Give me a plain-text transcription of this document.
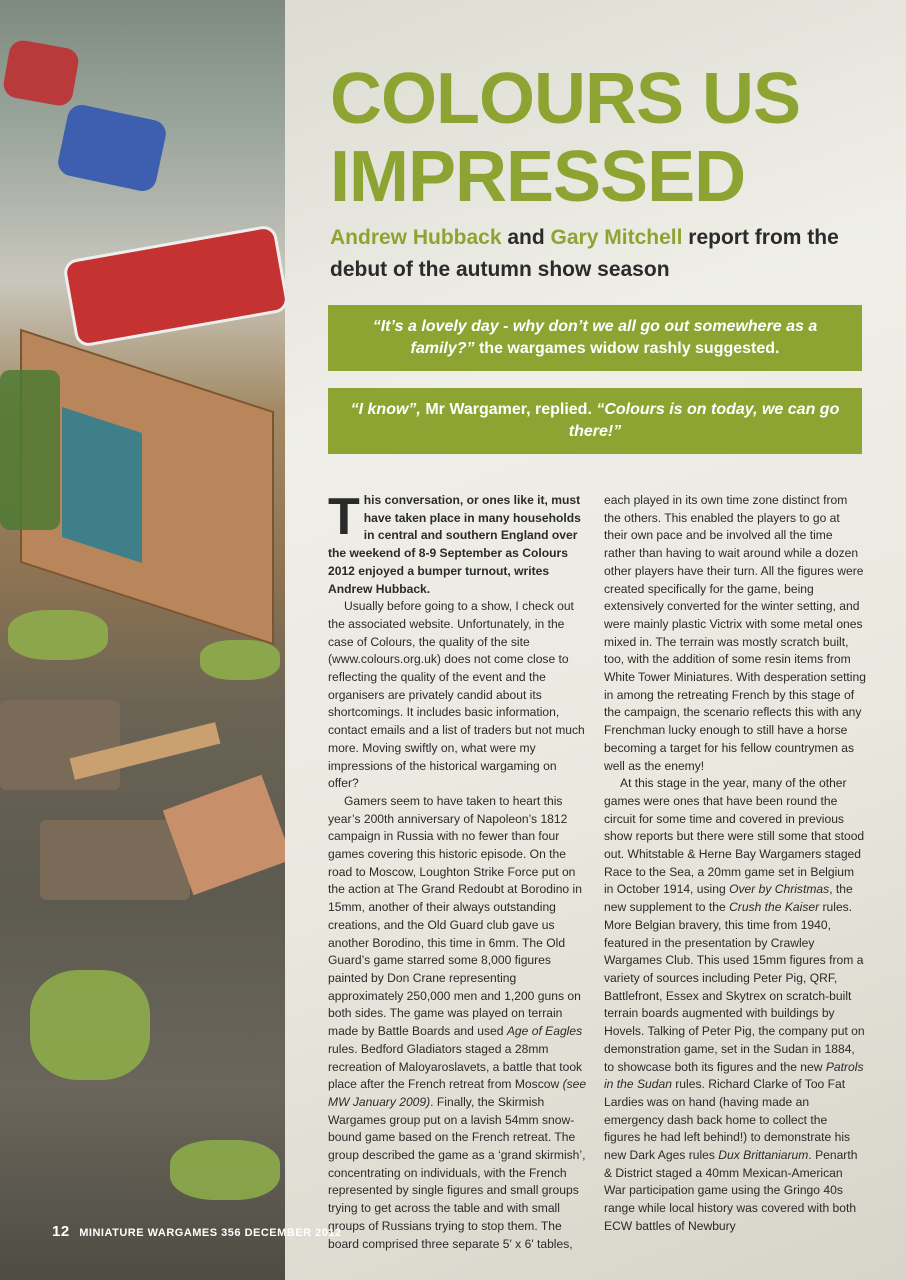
COLOURS US
IMPRESSED

Andrew Hubback and Gary Mitchell report from the debut of the autumn show season

“It’s a lovely day - why don’t we all go out somewhere as a family?” the wargames widow rashly suggested.
“I know”, Mr Wargamer, replied. “Colours is on today, we can go there!”

This conversation, or ones like it, must have taken place in many households in central and southern England over the weekend of 8-9 September as Colours 2012 enjoyed a bumper turnout, writes Andrew Hubback.

Usually before going to a show, I check out the associated website. Unfortunately, in the case of Colours, the quality of the site (www.colours.org.uk) does not come close to reflecting the quality of the event and the organisers are privately candid about its shortcomings. It includes basic information, contact emails and a list of traders but not much more. Moving swiftly on, what were my impressions of the historical wargaming on offer?

Gamers seem to have taken to heart this year’s 200th anniversary of Napoleon’s 1812 campaign in Russia with no fewer than four games covering this historic episode. On the road to Moscow, Loughton Strike Force put on the action at The Grand Redoubt at Borodino in 15mm, another of their always outstanding creations, and the Old Guard club gave us another Borodino, this time in 6mm. The Old Guard’s game starred some 8,000 figures painted by Don Crane representing approximately 250,000 men and 1,200 guns on both sides. The game was played on terrain made by Battle Boards and used Age of Eagles rules. Bedford Gladiators staged a 28mm recreation of Maloyaroslavets, a battle that took place after the French retreat from Moscow (see MW January 2009). Finally, the Skirmish Wargames group put on a lavish 54mm snow-bound game based on the French retreat. The group described the game as a ‘grand skirmish’, concentrating on individuals, with the French represented by single figures and small groups trying to get across the table and with small groups of Russians trying to stop them. The board comprised three separate 5' x 6' tables,

each played in its own time zone distinct from the others. This enabled the players to go at their own pace and be involved all the time rather than having to wait around while a dozen other players have their turn. All the figures were created specifically for the game, being extensively converted for the winter setting, and were mainly plastic Victrix with some metal ones mixed in. The terrain was mostly scratch built, too, with the addition of some resin items from White Tower Miniatures. With desperation setting in among the retreating French by this stage of the campaign, the scenario reflects this with any Frenchman lucky enough to still have a horse becoming a target for his fellow countrymen as well as the enemy!

At this stage in the year, many of the other games were ones that have been round the circuit for some time and covered in previous show reports but there were still some that stood out. Whitstable & Herne Bay Wargamers staged Race to the Sea, a 20mm game set in Belgium in October 1914, using Over by Christmas, the new supplement to the Crush the Kaiser rules. More Belgian bravery, this time from 1940, featured in the presentation by Crawley Wargames Club. This used 15mm figures from a variety of sources including Peter Pig, QRF, Battlefront, Essex and Skytrex on scratch-built terrain boards augmented with buildings by Hovels. Talking of Peter Pig, the company put on demonstration game, set in the Sudan in 1884, to showcase both its figures and the new Patrols in the Sudan rules. Richard Clarke of Too Fat Lardies was on hand (having made an emergency dash back home to collect the figures he had left behind!) to demonstrate his new Dark Ages rules Dux Brittaniarum. Penarth & District staged a 40mm Mexican-American War participation game using the Gringo 40s range while local history was covered with both ECW battles of Newbury

12 MINIATURE WARGAMES 356 DECEMBER 2012
